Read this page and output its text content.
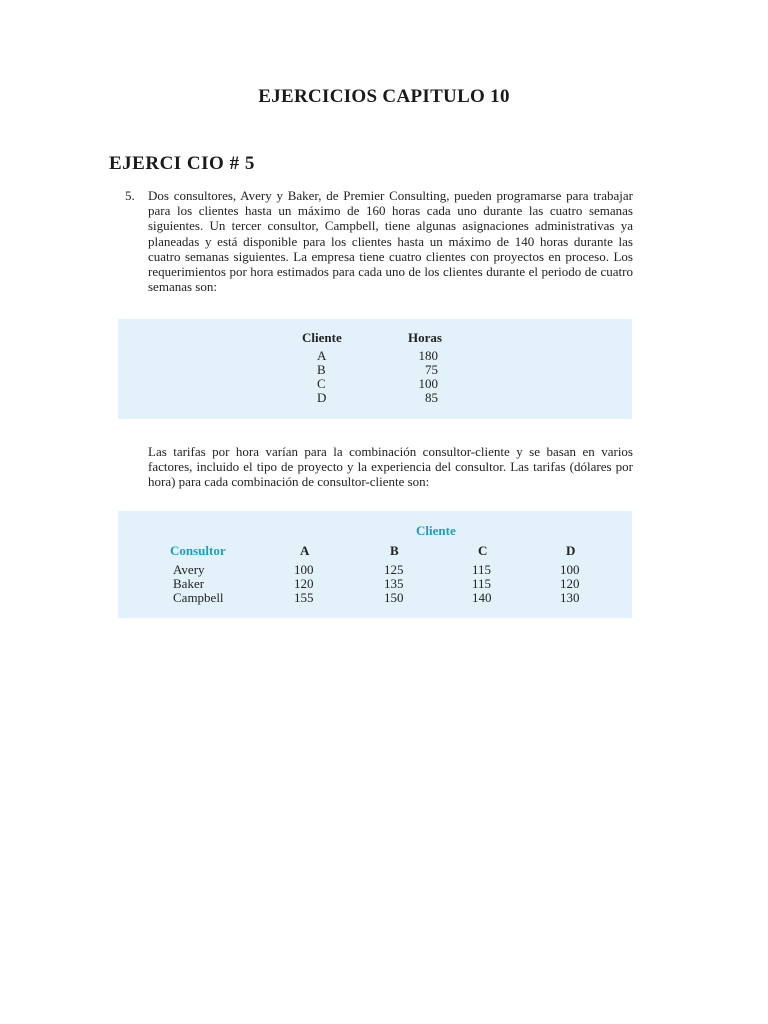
EJERCICIOS CAPITULO 10
EJERCI CIO # 5
5. Dos consultores, Avery y Baker, de Premier Consulting, pueden programarse para trabajar para los clientes hasta un máximo de 160 horas cada uno durante las cuatro semanas siguientes. Un tercer consultor, Campbell, tiene algunas asignaciones administrativas ya planeadas y está disponible para los clientes hasta un máximo de 140 horas durante las cuatro semanas siguientes. La empresa tiene cuatro clientes con proyectos en proceso. Los requerimientos por hora estimados para cada uno de los clientes durante el periodo de cuatro semanas son:
Cliente	Horas
A	180
B	75
C	100
D	85
Las tarifas por hora varían para la combinación consultor-cliente y se basan en varios factores, incluido el tipo de proyecto y la experiencia del consultor. Las tarifas (dólares por hora) para cada combinación de consultor-cliente son:
Cliente
Consultor	A	B	C	D
Avery	100	125	115	100
Baker	120	135	115	120
Campbell	155	150	140	130
